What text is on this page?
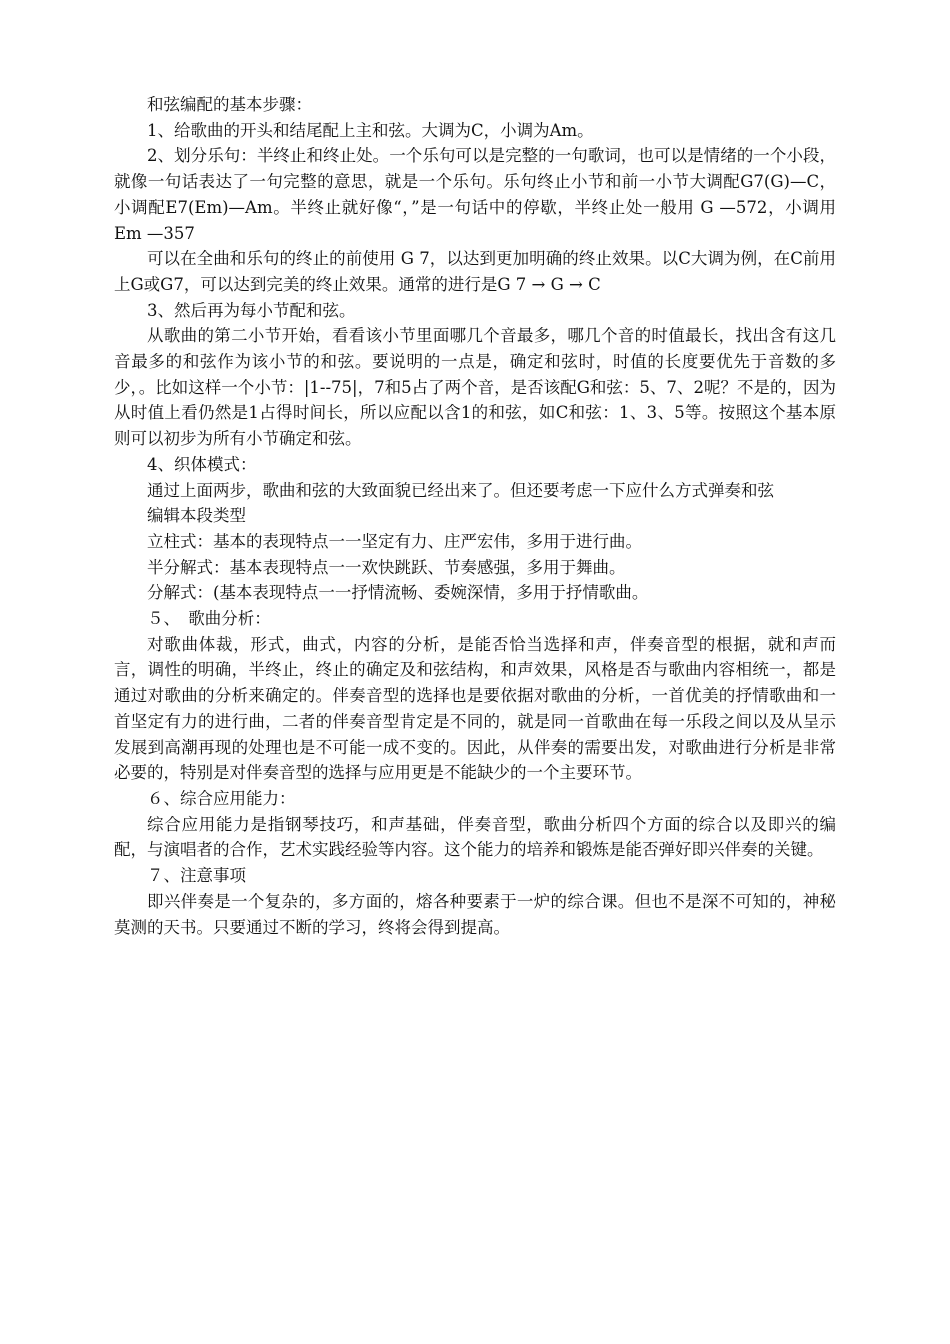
和弦编配的基本步骤：

1、给歌曲的开头和结尾配上主和弦。大调为C，小调为Am。

2、划分乐句：半终止和终止处。一个乐句可以是完整的一句歌词，也可以是情绪的一个小段，就像一句话表达了一句完整的意思，就是一个乐句。乐句终止小节和前一小节大调配G7(G)—C，小调配E7(Em)—Am。半终止就好像“，”是一句话中的停歇，半终止处一般用 G —572，小调用Em —357

可以在全曲和乐句的终止的前使用 G 7，以达到更加明确的终止效果。以C大调为例，在C前用上G或G7，可以达到完美的终止效果。通常的进行是G 7 → G → C

3、然后再为每小节配和弦。

从歌曲的第二小节开始，看看该小节里面哪几个音最多，哪几个音的时值最长，找出含有这几音最多的和弦作为该小节的和弦。要说明的一点是，确定和弦时，时值的长度要优先于音数的多少，。比如这样一个小节：|1--75|，7和5占了两个音，是否该配G和弦：5、7、2呢？不是的，因为从时值上看仍然是1占得时间长，所以应配以含1的和弦，如C和弦：1、3、5等。按照这个基本原则可以初步为所有小节确定和弦。

4、织体模式：

通过上面两步，歌曲和弦的大致面貌已经出来了。但还要考虑一下应什么方式弹奏和弦

编辑本段类型

立柱式：基本的表现特点一一坚定有力、庄严宏伟，多用于进行曲。

半分解式：基本表现特点一一欢快跳跃、节奏感强，多用于舞曲。

分解式：(基本表现特点一一抒情流畅、委婉深情，多用于抒情歌曲。

５、　歌曲分析：

对歌曲体裁，形式，曲式，内容的分析，是能否恰当选择和声，伴奏音型的根据，就和声而言，调性的明确，半终止，终止的确定及和弦结构，和声效果，风格是否与歌曲内容相统一，都是通过对歌曲的分析来确定的。伴奏音型的选择也是要依据对歌曲的分析，一首优美的抒情歌曲和一首坚定有力的进行曲，二者的伴奏音型肯定是不同的，就是同一首歌曲在每一乐段之间以及从呈示发展到高潮再现的处理也是不可能一成不变的。因此，从伴奏的需要出发，对歌曲进行分析是非常必要的，特别是对伴奏音型的选择与应用更是不能缺少的一个主要环节。

６、综合应用能力：

综合应用能力是指钢琴技巧，和声基础，伴奏音型，歌曲分析四个方面的综合以及即兴的编配，与演唱者的合作，艺术实践经验等内容。这个能力的培养和锻炼是能否弹好即兴伴奏的关键。

７、注意事项

即兴伴奏是一个复杂的，多方面的，熔各种要素于一炉的综合课。但也不是深不可知的，神秘莫测的天书。只要通过不断的学习，终将会得到提高。
